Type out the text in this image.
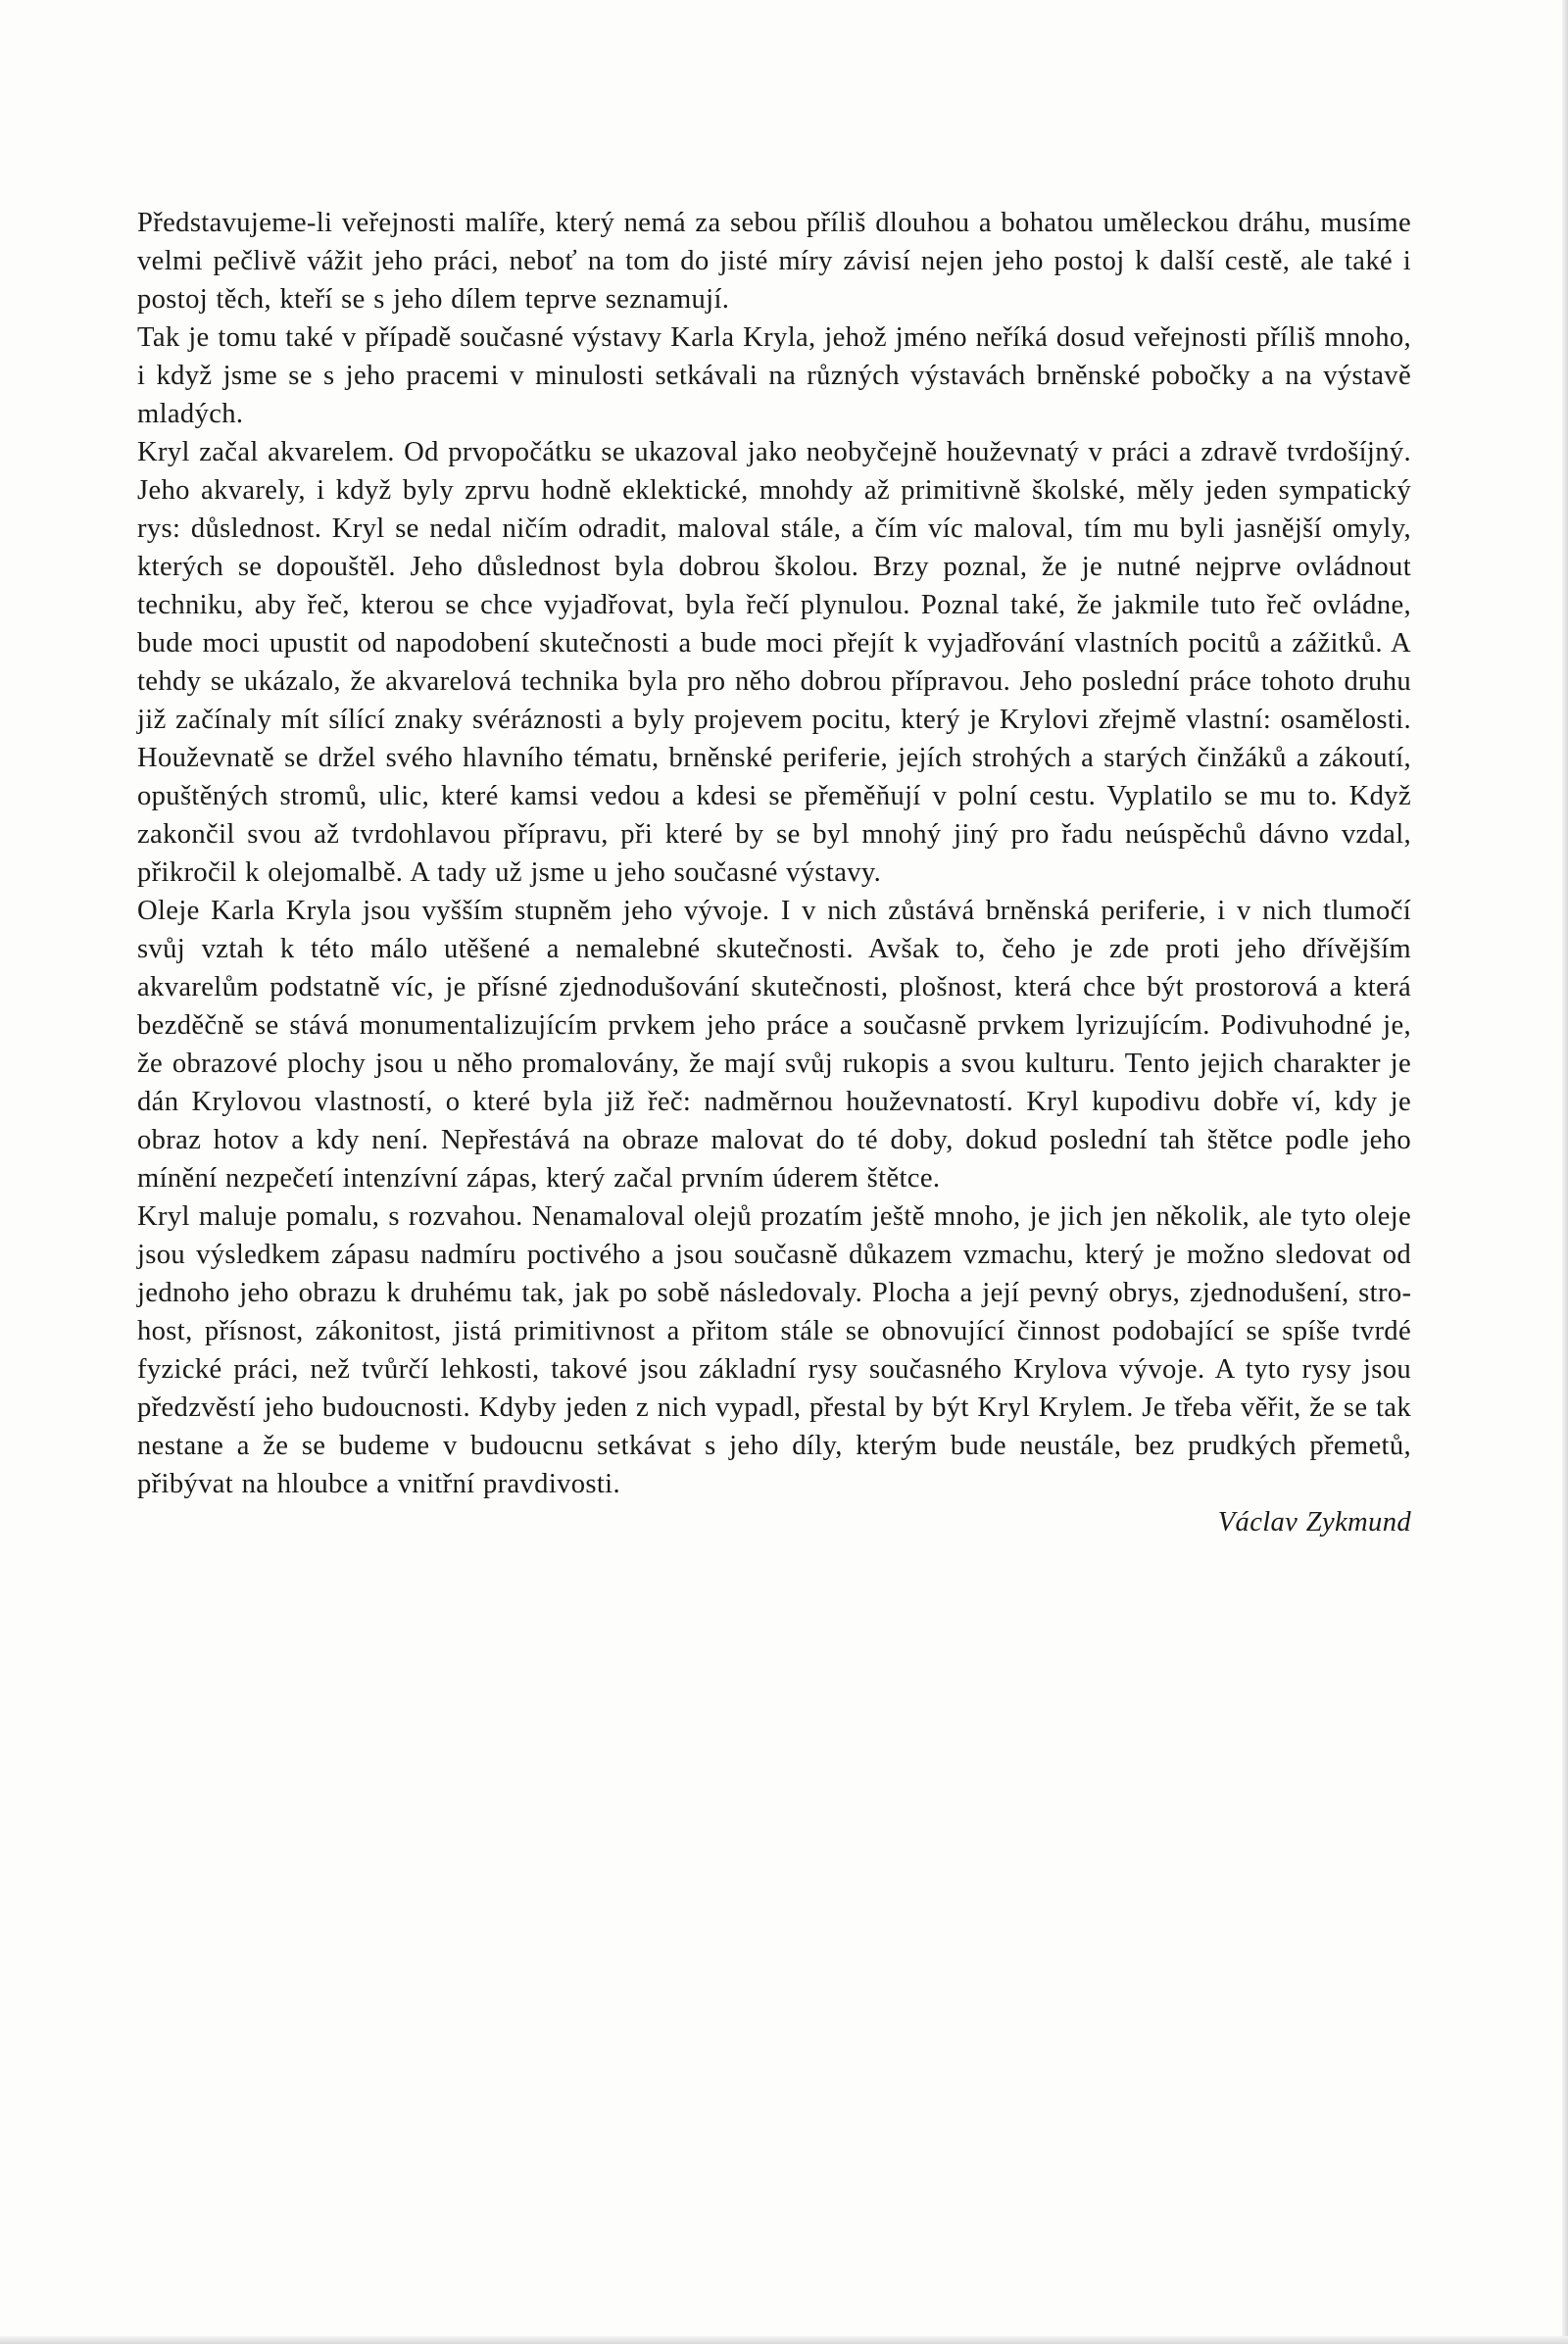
Představujeme-li veřejnosti malíře, který nemá za sebou příliš dlouhou a bohatou uměleckou dráhu, musíme velmi pečlivě vážit jeho práci, neboť na tom do jisté míry závisí nejen jeho postoj k další cestě, ale také i postoj těch, kteří se s jeho dílem teprve seznamují.

Tak je tomu také v případě současné výstavy Karla Kryla, jehož jméno neříká dosud veřejnosti příliš mnoho, i když jsme se s jeho pracemi v minulosti setkávali na různých výstavách brněnské pobočky a na výstavě mladých.

Kryl začal akvarelem. Od prvopočátku se ukazoval jako neobyčejně houževnatý v práci a zdravě tvrdošíjný. Jeho akvarely, i když byly zprvu hodně eklektické, mnohdy až primitivně školské, měly jeden sympatický rys: důslednost. Kryl se nedal ničím odradit, maloval stále, a čím víc maloval, tím mu byli jasnější omyly, kterých se dopouštěl. Jeho důslednost byla dobrou školou. Brzy poznal, že je nutné nejprve ovládnout techniku, aby řeč, kterou se chce vyjadřovat, byla řečí plynulou. Poznal také, že jakmile tuto řeč ovládne, bude moci upustit od napodobení skutečnosti a bude moci přejít k vyjadřování vlastních pocitů a zážitků. A tehdy se ukázalo, že akvarelová technika byla pro něho dobrou přípravou. Jeho poslední práce tohoto druhu již začínaly mít sílící znaky svéráznosti a byly projevem pocitu, který je Krylovi zřejmě vlastní: osamělosti. Houževnatě se držel svého hlavního tématu, brněnské periferie, jejích strohých a starých činžáků a zákoutí, opuštěných stromů, ulic, které kamsi vedou a kdesi se přeměňují v polní cestu. Vyplatilo se mu to. Když zakončil svou až tvrdohlavou přípravu, při které by se byl mnohý jiný pro řadu neúspěchů dávno vzdal, přikročil k olejomalbě. A tady už jsme u jeho současné výstavy.

Oleje Karla Kryla jsou vyšším stupněm jeho vývoje. I v nich zůstává brněnská periferie, i v nich tlumočí svůj vztah k této málo utěšené a nemalebné skutečnosti. Avšak to, čeho je zde proti jeho dřívějším akvarelům podstatně víc, je přísné zjednodušování skutečnosti, plošnost, která chce být prostorová a která bezděčně se stává monumentalizujícím prvkem jeho práce a současně prvkem lyrizujícím. Podivuhodné je, že obrazové plochy jsou u něho promalovány, že mají svůj rukopis a svou kulturu. Tento jejich charakter je dán Krylovou vlastností, o které byla již řeč: nadměrnou houževnatostí. Kryl kupodivu dobře ví, kdy je obraz hotov a kdy není. Nepřestává na obraze malovat do té doby, dokud poslední tah štětce podle jeho mínění nezpečetí intenzívní zápas, který začal prvním úderem štětce.

Kryl maluje pomalu, s rozvahou. Nenamaloval olejů prozatím ještě mnoho, je jich jen několik, ale tyto oleje jsou výsledkem zápasu nadmíru poctivého a jsou současně důkazem vzmachu, který je možno sledovat od jednoho jeho obrazu k druhému tak, jak po sobě následovaly. Plocha a její pevný obrys, zjednodušení, strohost, přísnost, zákonitost, jistá primitivnost a přitom stále se obnovující činnost podobající se spíše tvrdé fyzické práci, než tvůrčí lehkosti, takové jsou základní rysy současného Krylova vývoje. A tyto rysy jsou předzvěstí jeho budoucnosti. Kdyby jeden z nich vypadl, přestal by být Kryl Krylem. Je třeba věřit, že se tak nestane a že se budeme v budoucnu setkávat s jeho díly, kterým bude neustále, bez prudkých přemetů, přibývat na hloubce a vnitřní pravdivosti.

Václav Zykmund
